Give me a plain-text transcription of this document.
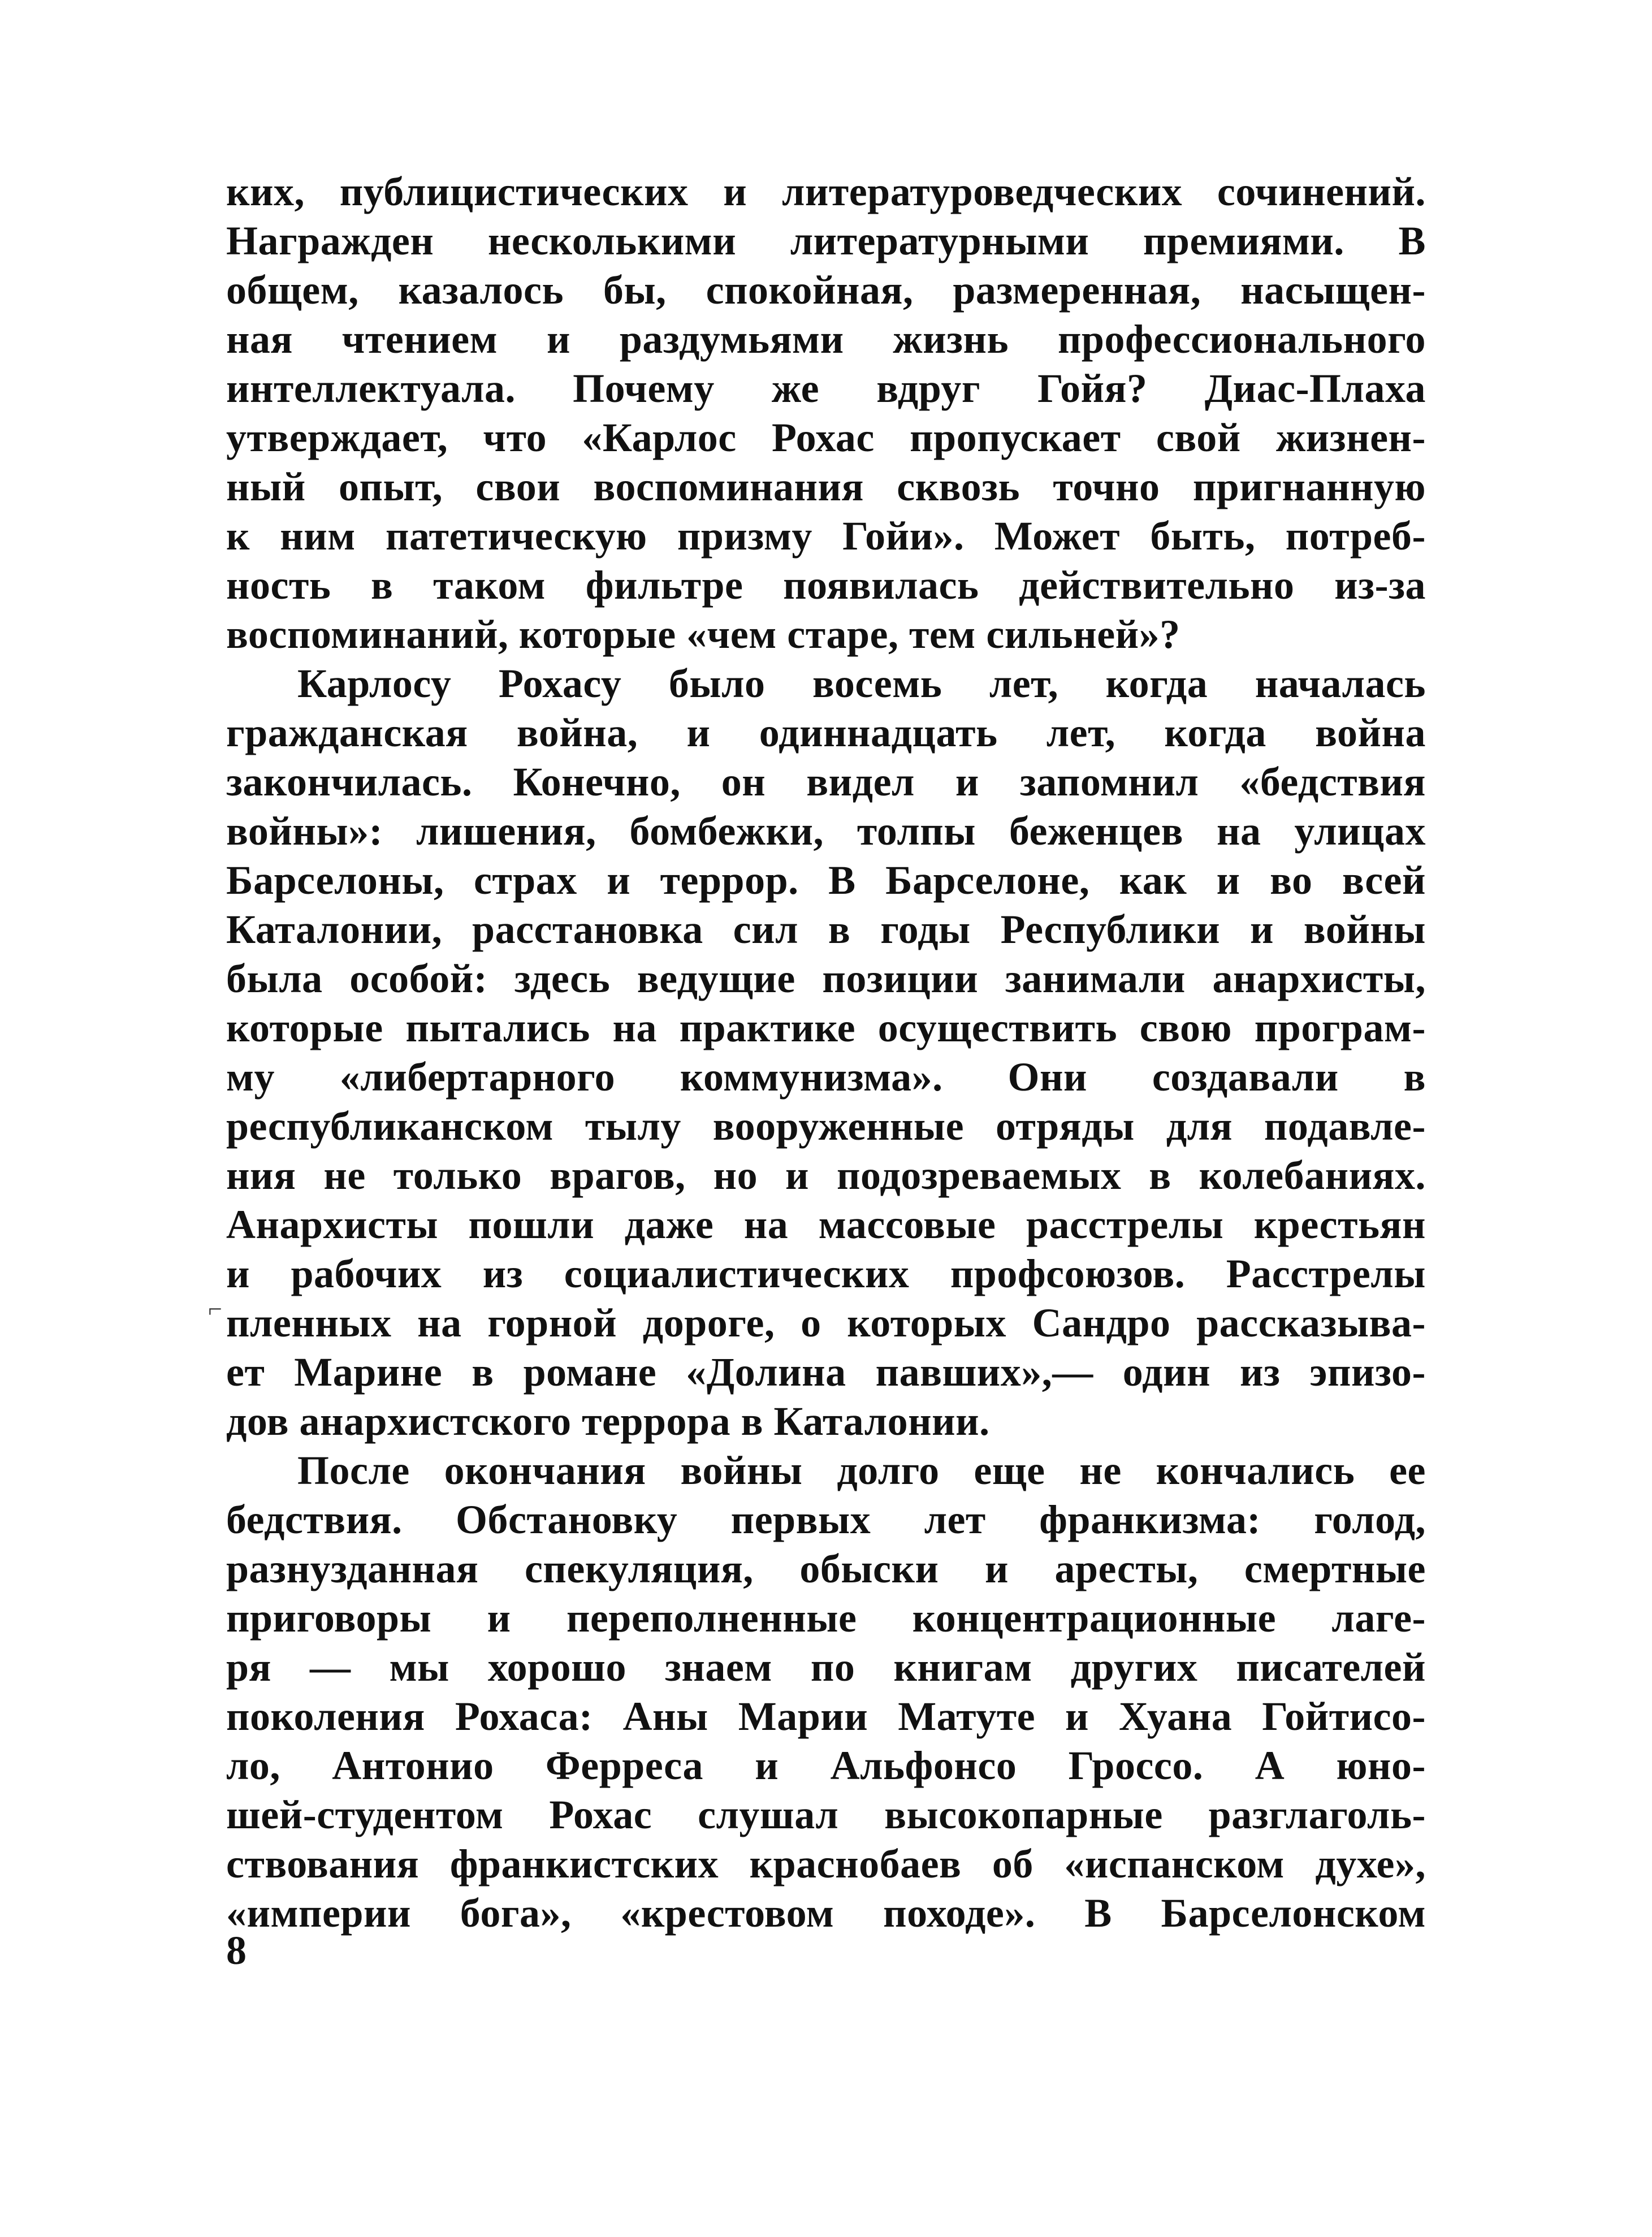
ких, публицистических и литературоведческих сочинений.
Награжден несколькими литературными премиями. В
общем, казалось бы, спокойная, размеренная, насыщен-
ная чтением и раздумьями жизнь профессионального
интеллектуала. Почему же вдруг Гойя? Диас-Плаха
утверждает, что «Карлос Рохас пропускает свой жизнен-
ный опыт, свои воспоминания сквозь точно пригнанную
к ним патетическую призму Гойи». Может быть, потреб-
ность в таком фильтре появилась действительно из-за
воспоминаний, которые «чем старе, тем сильней»?
Карлосу Рохасу было восемь лет, когда началась
гражданская война, и одиннадцать лет, когда война
закончилась. Конечно, он видел и запомнил «бедствия
войны»: лишения, бомбежки, толпы беженцев на улицах
Барселоны, страх и террор. В Барселоне, как и во всей
Каталонии, расстановка сил в годы Республики и войны
была особой: здесь ведущие позиции занимали анархисты,
которые пытались на практике осуществить свою програм-
му «либертарного коммунизма». Они создавали в
республиканском тылу вооруженные отряды для подавле-
ния не только врагов, но и подозреваемых в колебаниях.
Анархисты пошли даже на массовые расстрелы крестьян
и рабочих из социалистических профсоюзов. Расстрелы
пленных на горной дороге, о которых Сандро рассказыва-
ет Марине в романе «Долина павших»,— один из эпизо-
дов анархистского террора в Каталонии.
После окончания войны долго еще не кончались ее
бедствия. Обстановку первых лет франкизма: голод,
разнузданная спекуляция, обыски и аресты, смертные
приговоры и переполненные концентрационные лаге-
ря — мы хорошо знаем по книгам других писателей
поколения Рохаса: Аны Марии Матуте и Хуана Гойтисо-
ло, Антонио Ферреса и Альфонсо Гроссо. А юно-
шей-студентом Рохас слушал высокопарные разглаголь-
ствования франкистских краснобаев об «испанском духе»,
«империи бога», «крестовом походе». В Барселонском
⌐
8
